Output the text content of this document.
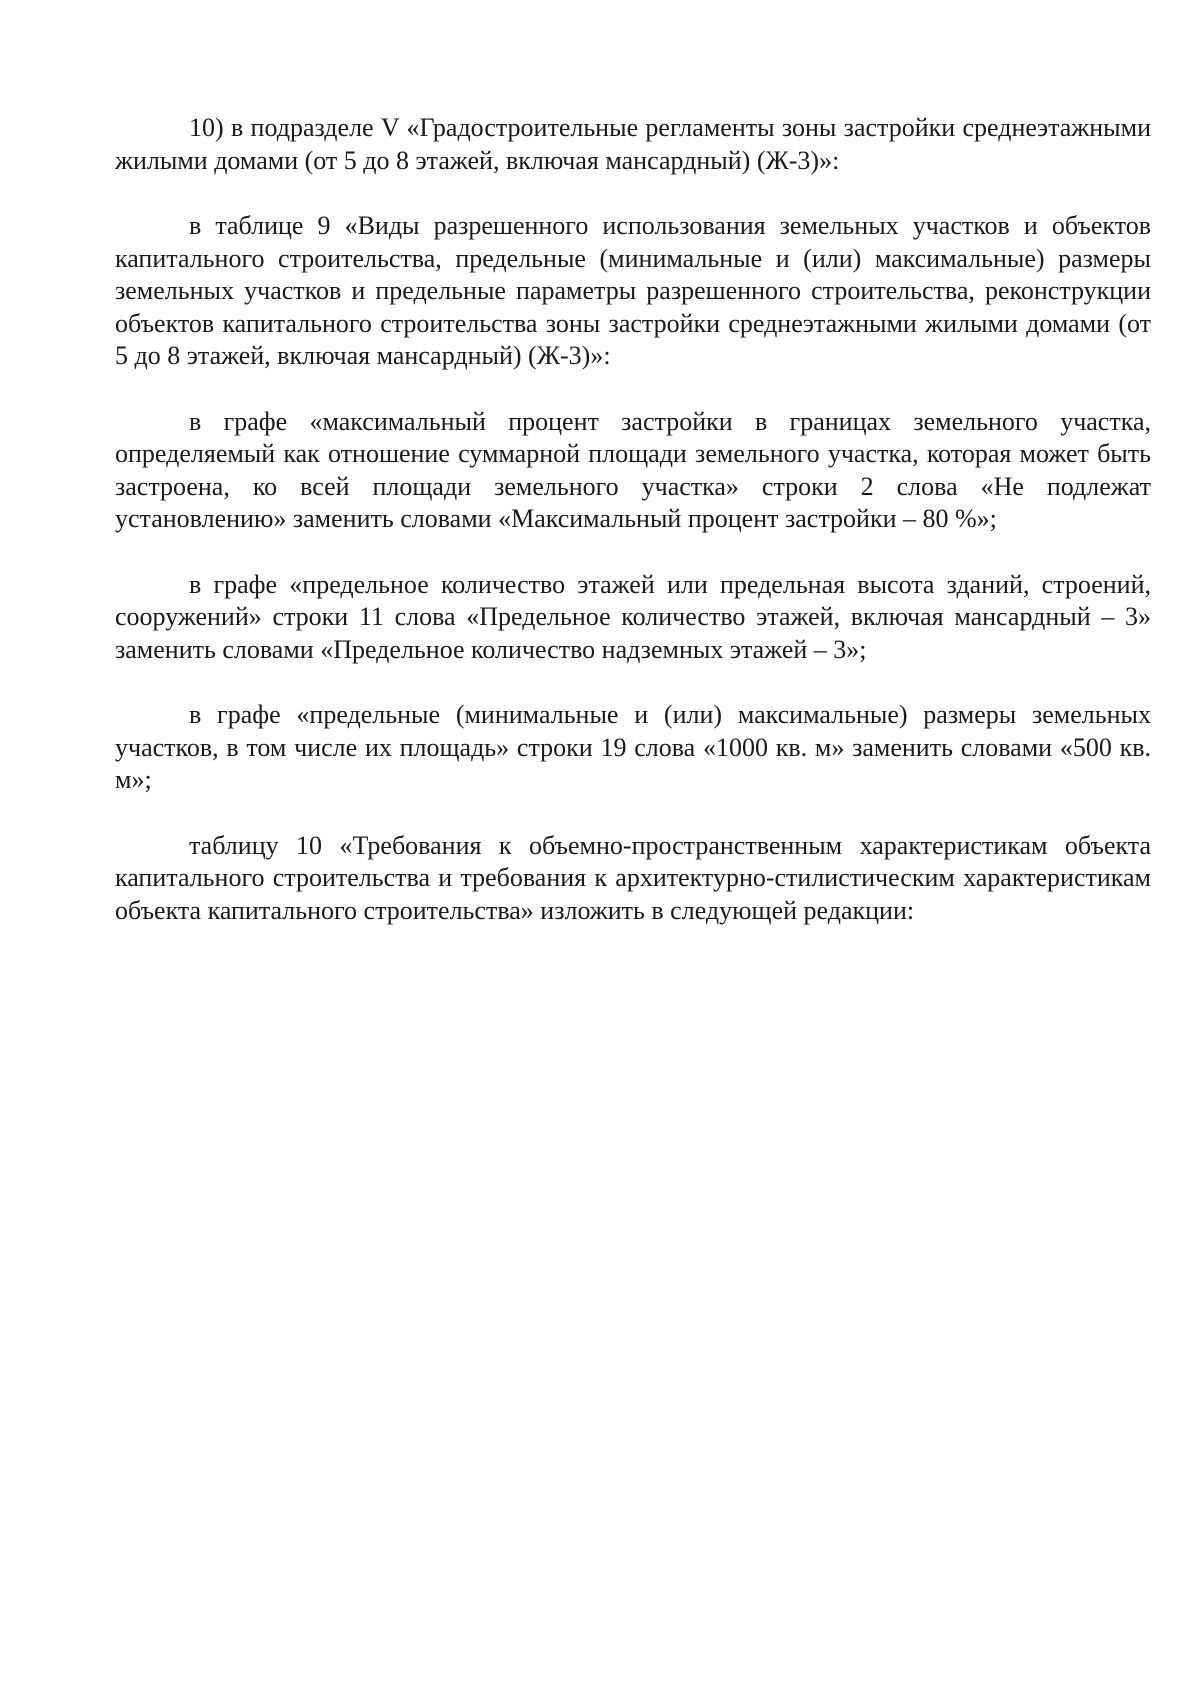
10) в подразделе V «Градостроительные регламенты зоны застройки среднеэтажными жилыми домами (от 5 до 8 этажей, включая мансардный) (Ж-3)»:

в таблице 9 «Виды разрешенного использования земельных участков и объектов капитального строительства, предельные (минимальные и (или) максимальные) размеры земельных участков и предельные параметры разрешенного строительства, реконструкции объектов капитального строительства зоны застройки среднеэтажными жилыми домами (от 5 до 8 этажей, включая мансардный) (Ж-3)»:

в графе «максимальный процент застройки в границах земельного участка, определяемый как отношение суммарной площади земельного участка, которая может быть застроена, ко всей площади земельного участка» строки 2 слова «Не подлежат установлению» заменить словами «Максимальный процент застройки – 80 %»;

в графе «предельное количество этажей или предельная высота зданий, строений, сооружений» строки 11 слова «Предельное количество этажей, включая мансардный – 3» заменить словами «Предельное количество надземных этажей – 3»;

в графе «предельные (минимальные и (или) максимальные) размеры земельных участков, в том числе их площадь» строки 19 слова «1000 кв. м» заменить словами «500 кв. м»;

таблицу 10 «Требования к объемно-пространственным характеристикам объекта капитального строительства и требования к архитектурно-стилистическим характеристикам объекта капитального строительства» изложить в следующей редакции:
